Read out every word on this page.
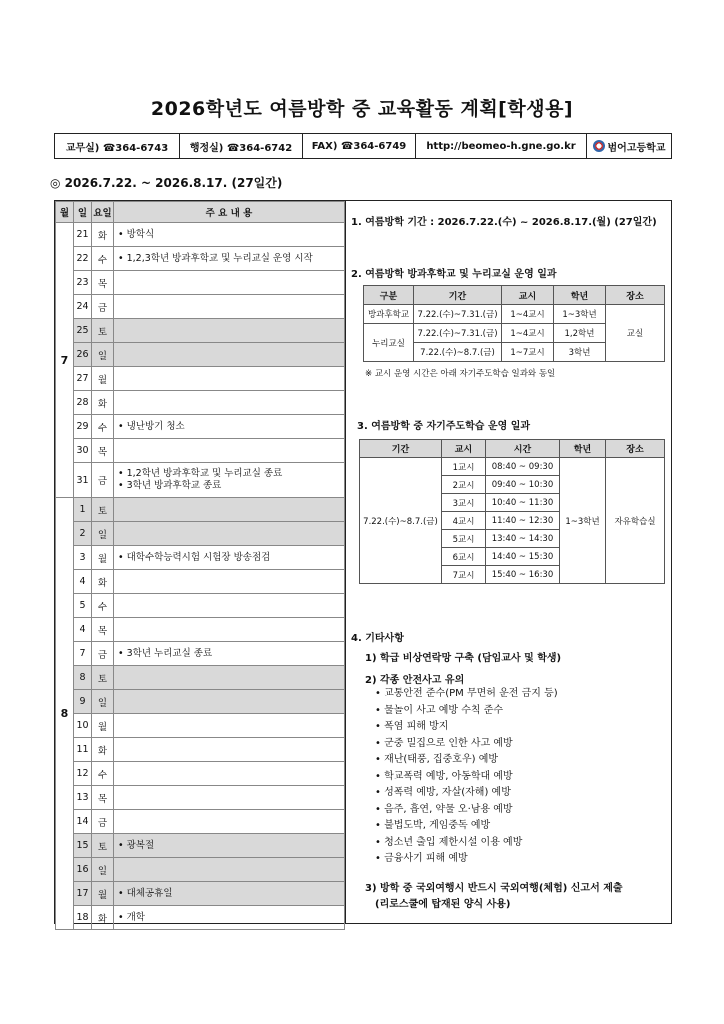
2026학년도 여름방학 중 교육활동 계획[학생용]
교무실) ☎364-6743	행정실) ☎364-6742	FAX) ☎364-6749	http://beomeo-h.gne.go.kr	범어고등학교
◎ 2026.7.22. ~ 2026.8.17. (27일간)
월	일	요일	주 요 내 용
7	21	화	• 방학식

	22	수	• 1,2,3학년 방과후학교 및 누리교실 운영 시작

	23	목	
	24	금	
	25	토	
	26	일	
	27	월	
	28	화	
	29	수	• 냉난방기 청소

	30	목	
	31	금	• 1,2학년 방과후학교 및 누리교실 종료
• 3학년 방과후학교 종료

8	1	토	
	2	일	
	3	월	• 대학수학능력시험 시험장 방송점검

	4	화	
	5	수	
	4	목	
	7	금	• 3학년 누리교실 종료

	8	토	
	9	일	
	10	월	
	11	화	
	12	수	
	13	목	
	14	금	
	15	토	• 광복절

	16	일	
	17	월	• 대체공휴일

	18	화	• 개학
1. 여름방학 기간 : 2026.7.22.(수) ~ 2026.8.17.(월) (27일간)
2. 여름방학 방과후학교 및 누리교실 운영 일과
구분	기간	교시	학년	장소
방과후학교	7.22.(수)~7.31.(금)	1~4교시	1~3학년	교실
누리교실	7.22.(수)~7.31.(금)	1~4교시	1,2학년	
	7.22.(수)~8.7.(금)	1~7교시	3학년	
※ 교시 운영 시간은 아래 자기주도학습 일과와 동일
3. 여름방학 중 자기주도학습 운영 일과
기간	교시	시간	학년	장소
7.22.(수)~8.7.(금)	1교시	08:40 ~ 09:30	1~3학년	자유학습실
	2교시	09:40 ~ 10:30		
	3교시	10:40 ~ 11:30		
	4교시	11:40 ~ 12:30		
	5교시	13:40 ~ 14:30		
	6교시	14:40 ~ 15:30		
	7교시	15:40 ~ 16:30		
4. 기타사항
1) 학급 비상연락망 구축 (담임교사 및 학생)
2) 각종 안전사고 유의
• 교통안전 준수(PM 무면허 운전 금지 등)
• 물놀이 사고 예방 수칙 준수
• 폭염 피해 방지
• 군중 밀집으로 인한 사고 예방
• 재난(태풍, 집중호우) 예방
• 학교폭력 예방, 아동학대 예방
• 성폭력 예방, 자살(자해) 예방
• 음주, 흡연, 약물 오·남용 예방
• 불법도박, 게임중독 예방
• 청소년 출입 제한시설 이용 예방
• 금융사기 피해 예방
3) 방학 중 국외여행시 반드시 국외여행(체험) 신고서 제출
(리로스쿨에 탑재된 양식 사용)
